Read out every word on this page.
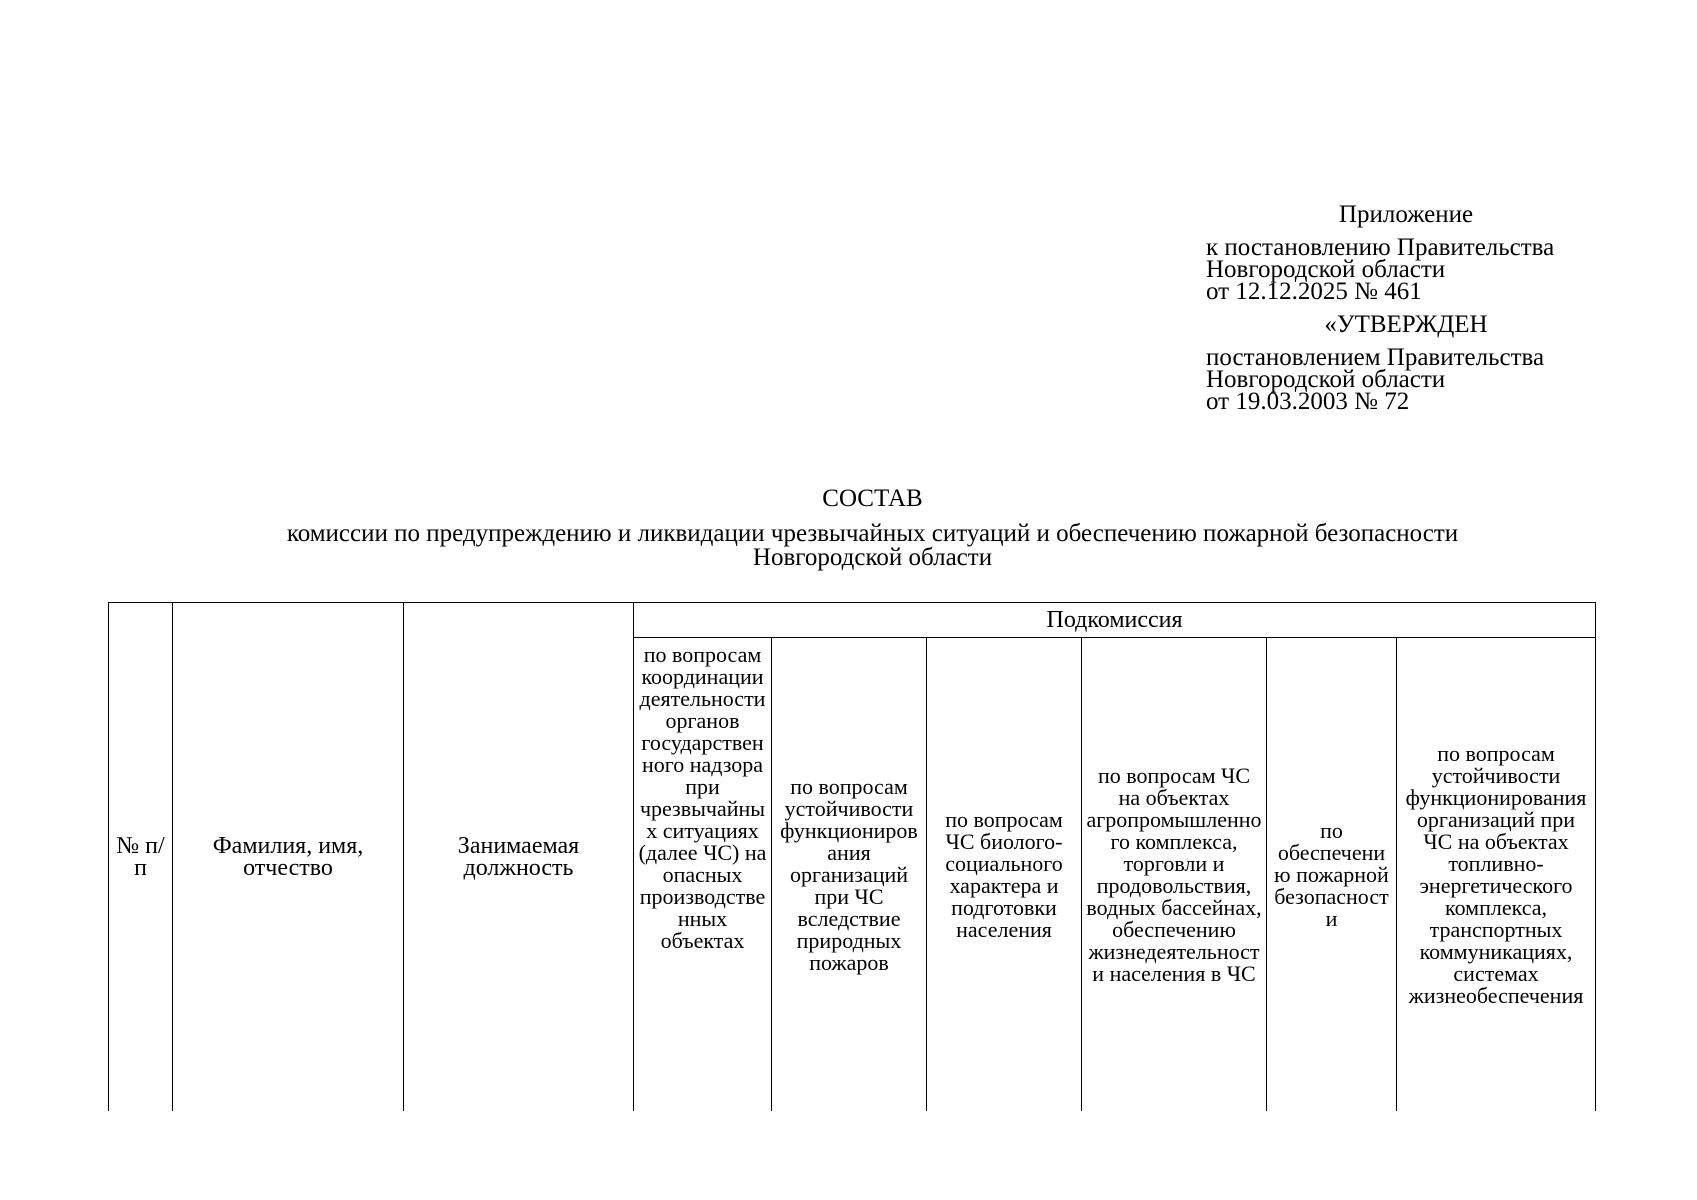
Приложение
к постановлению Правительства
Новгородской области
от 12.12.2025 № 461
«УТВЕРЖДЕН
постановлением Правительства
Новгородской области
от 19.03.2003 № 72
СОСТАВ
комиссии по предупреждению и ликвидации чрезвычайных ситуаций и обеспечению пожарной безопасности
Новгородской области
№ п/п	Фамилия, имя, отчество	Занимаемая должность	Подкомиссия					
			по вопросам координации деятельности органов государственного надзора при чрезвычайных ситуациях (далее ЧС) на опасных производственных объектах	по вопросам устойчивости функционирования организаций при ЧС вследствие природных пожаров	по вопросам ЧС биолого-социального характера и подготовки населения	по вопросам ЧС на объектах агропромышленного комплекса, торговли и продовольствия, водных бассейнах, обеспечению жизнедеятельности населения в ЧС	по обеспечению пожарной безопасности	по вопросам устойчивости функционирования организаций при ЧС на объектах топливно-энергетического комплекса, транспортных коммуникациях, системах жизнеобеспечения
